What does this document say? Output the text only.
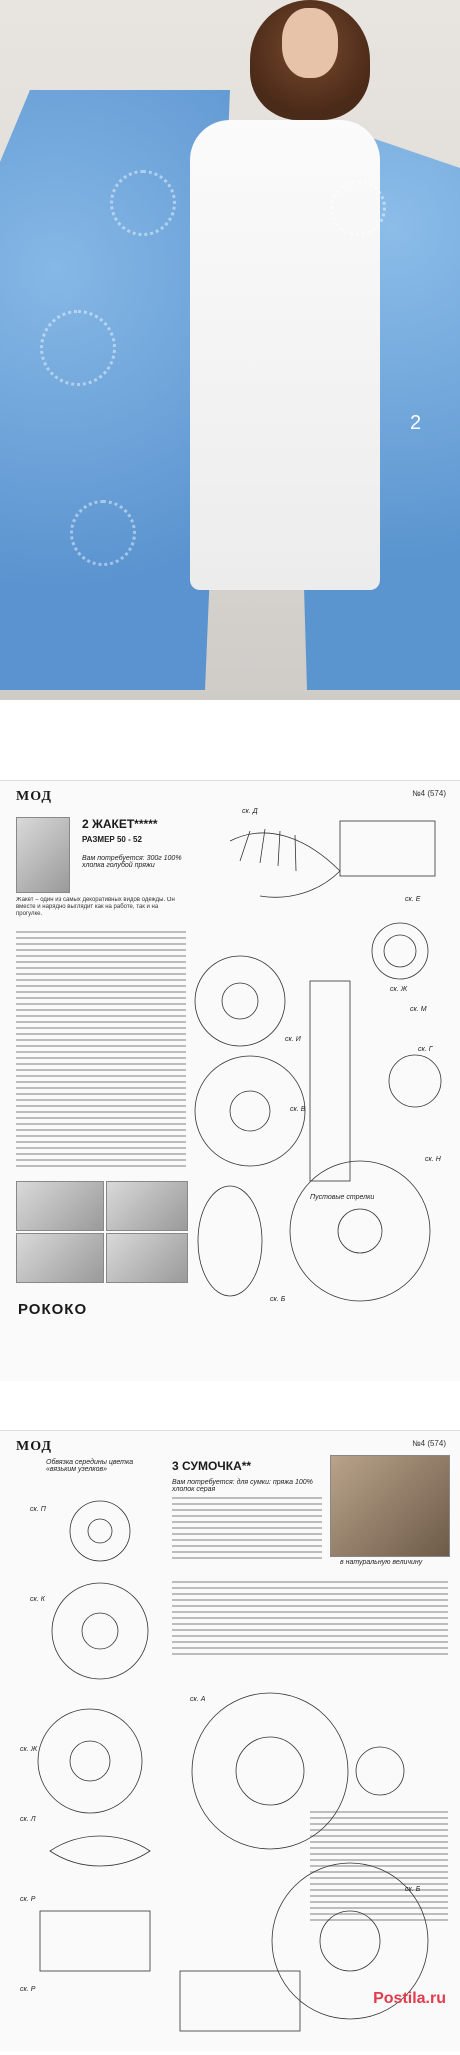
2
MОД	№4 (574)
2 ЖАКЕТ*****
РАЗМЕР 50 - 52
Вам потребуется: 300г 100% хлопка голубой пряжи
Жакет – один из самых декоративных видов одежды. Он вместе и нарядно выглядит как на работе, так и на прогулке.
РОКОКО
ск. Д
ск. Е
ск. Ж
ск. В
ск. Б
ск. М
ск. Г
ск. Н
ск. И
Пустовые стрелки
MОД	№4 (574)
Обвязка середины цветка «вязьким узелков»	3 СУМОЧКА**
Вам потребуется: для сумки: пряжа 100% хлопок серая
в натуральную величину
ск. П
ск. К
ск. Ж
ск. Л
ск. Р
ск. А
ск. Б
ск. Р
Postila.ru
